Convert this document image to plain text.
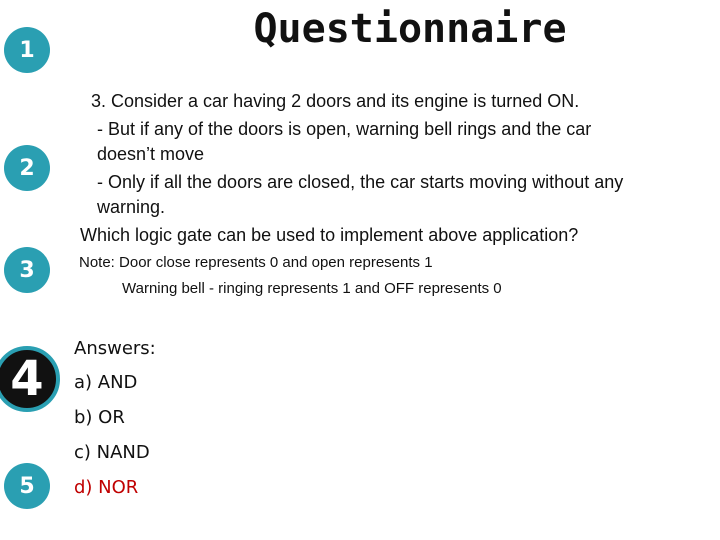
1
2
3
4
5
Questionnaire
3. Consider a car having 2 doors and its engine is turned ON.
- But if any of the doors is open, warning bell rings and the car
doesn’t move
- Only if all the doors are closed, the car starts moving without any
warning.
Which logic gate can be used to implement above application?
Note: Door close represents 0 and open represents 1
Warning bell - ringing represents 1 and OFF represents 0
Answers:
a) AND
b) OR
c) NAND
d) NOR
